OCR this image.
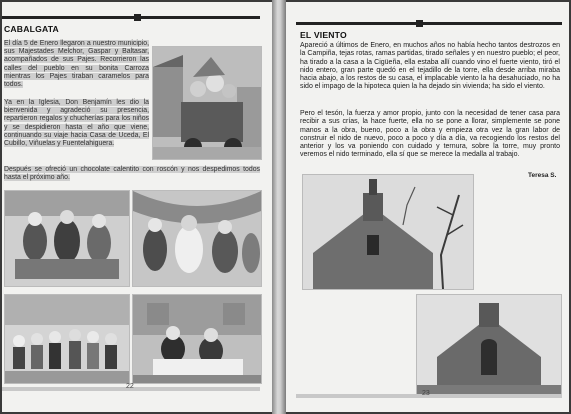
CABALGATA

El día 5 de Enero llegaron a nuestro municipio, sus Majestades Melchor, Gaspar y Baltasar, acompañados de sus Pajes. Recorrieron las calles del pueblo en su bonita Carroza mientras los Pajes tiraban caramelos para todos.

Ya en la Iglesia, Don Benjamín les dio la bienvenida y agradeció su presencia, repartieron regalos y chucherías para los niños y se despidieron hasta el año que viene, continuando su viaje hacia Casa de Uceda, El Cubillo, Viñuelas y Fuentelahiguera.

Después se ofreció un chocolate calentito con roscón y nos despedimos todos hasta el próximo año.

22
EL VIENTO

Apareció a últimos de Enero, en muchos años no había hecho tantos destrozos en la Campiña, tejas rotas, ramas partidas, tirado señales y en nuestro pueblo; el peor, ha tirado a la casa a la Cigüeña, ella estaba allí cuando vino el fuerte viento, tiró el nido entero, gran parte quedó en el tejadillo de la torre, ella desde arriba miraba hacia abajo, a los restos de su casa, el implacable viento la ha desahuciado, no ha sido el impago de la hipoteca quien la ha dejado sin vivienda; ha sido el viento.

Pero el tesón, la fuerza y amor propio, junto con la necesidad de tener casa para recibir a sus crías, la hace fuerte, ella no se pone a llorar, simplemente se pone manos a la obra, bueno, poco a la obra y empieza otra vez la gran labor de construir el nido de nuevo, poco a poco y día a día, va recogiendo los restos del anterior y los va poniendo con cuidado y ternura, sobre la torre, muy pronto veremos el nido terminado, ella sí que se merece la medalla al trabajo.

Teresa S.
23
